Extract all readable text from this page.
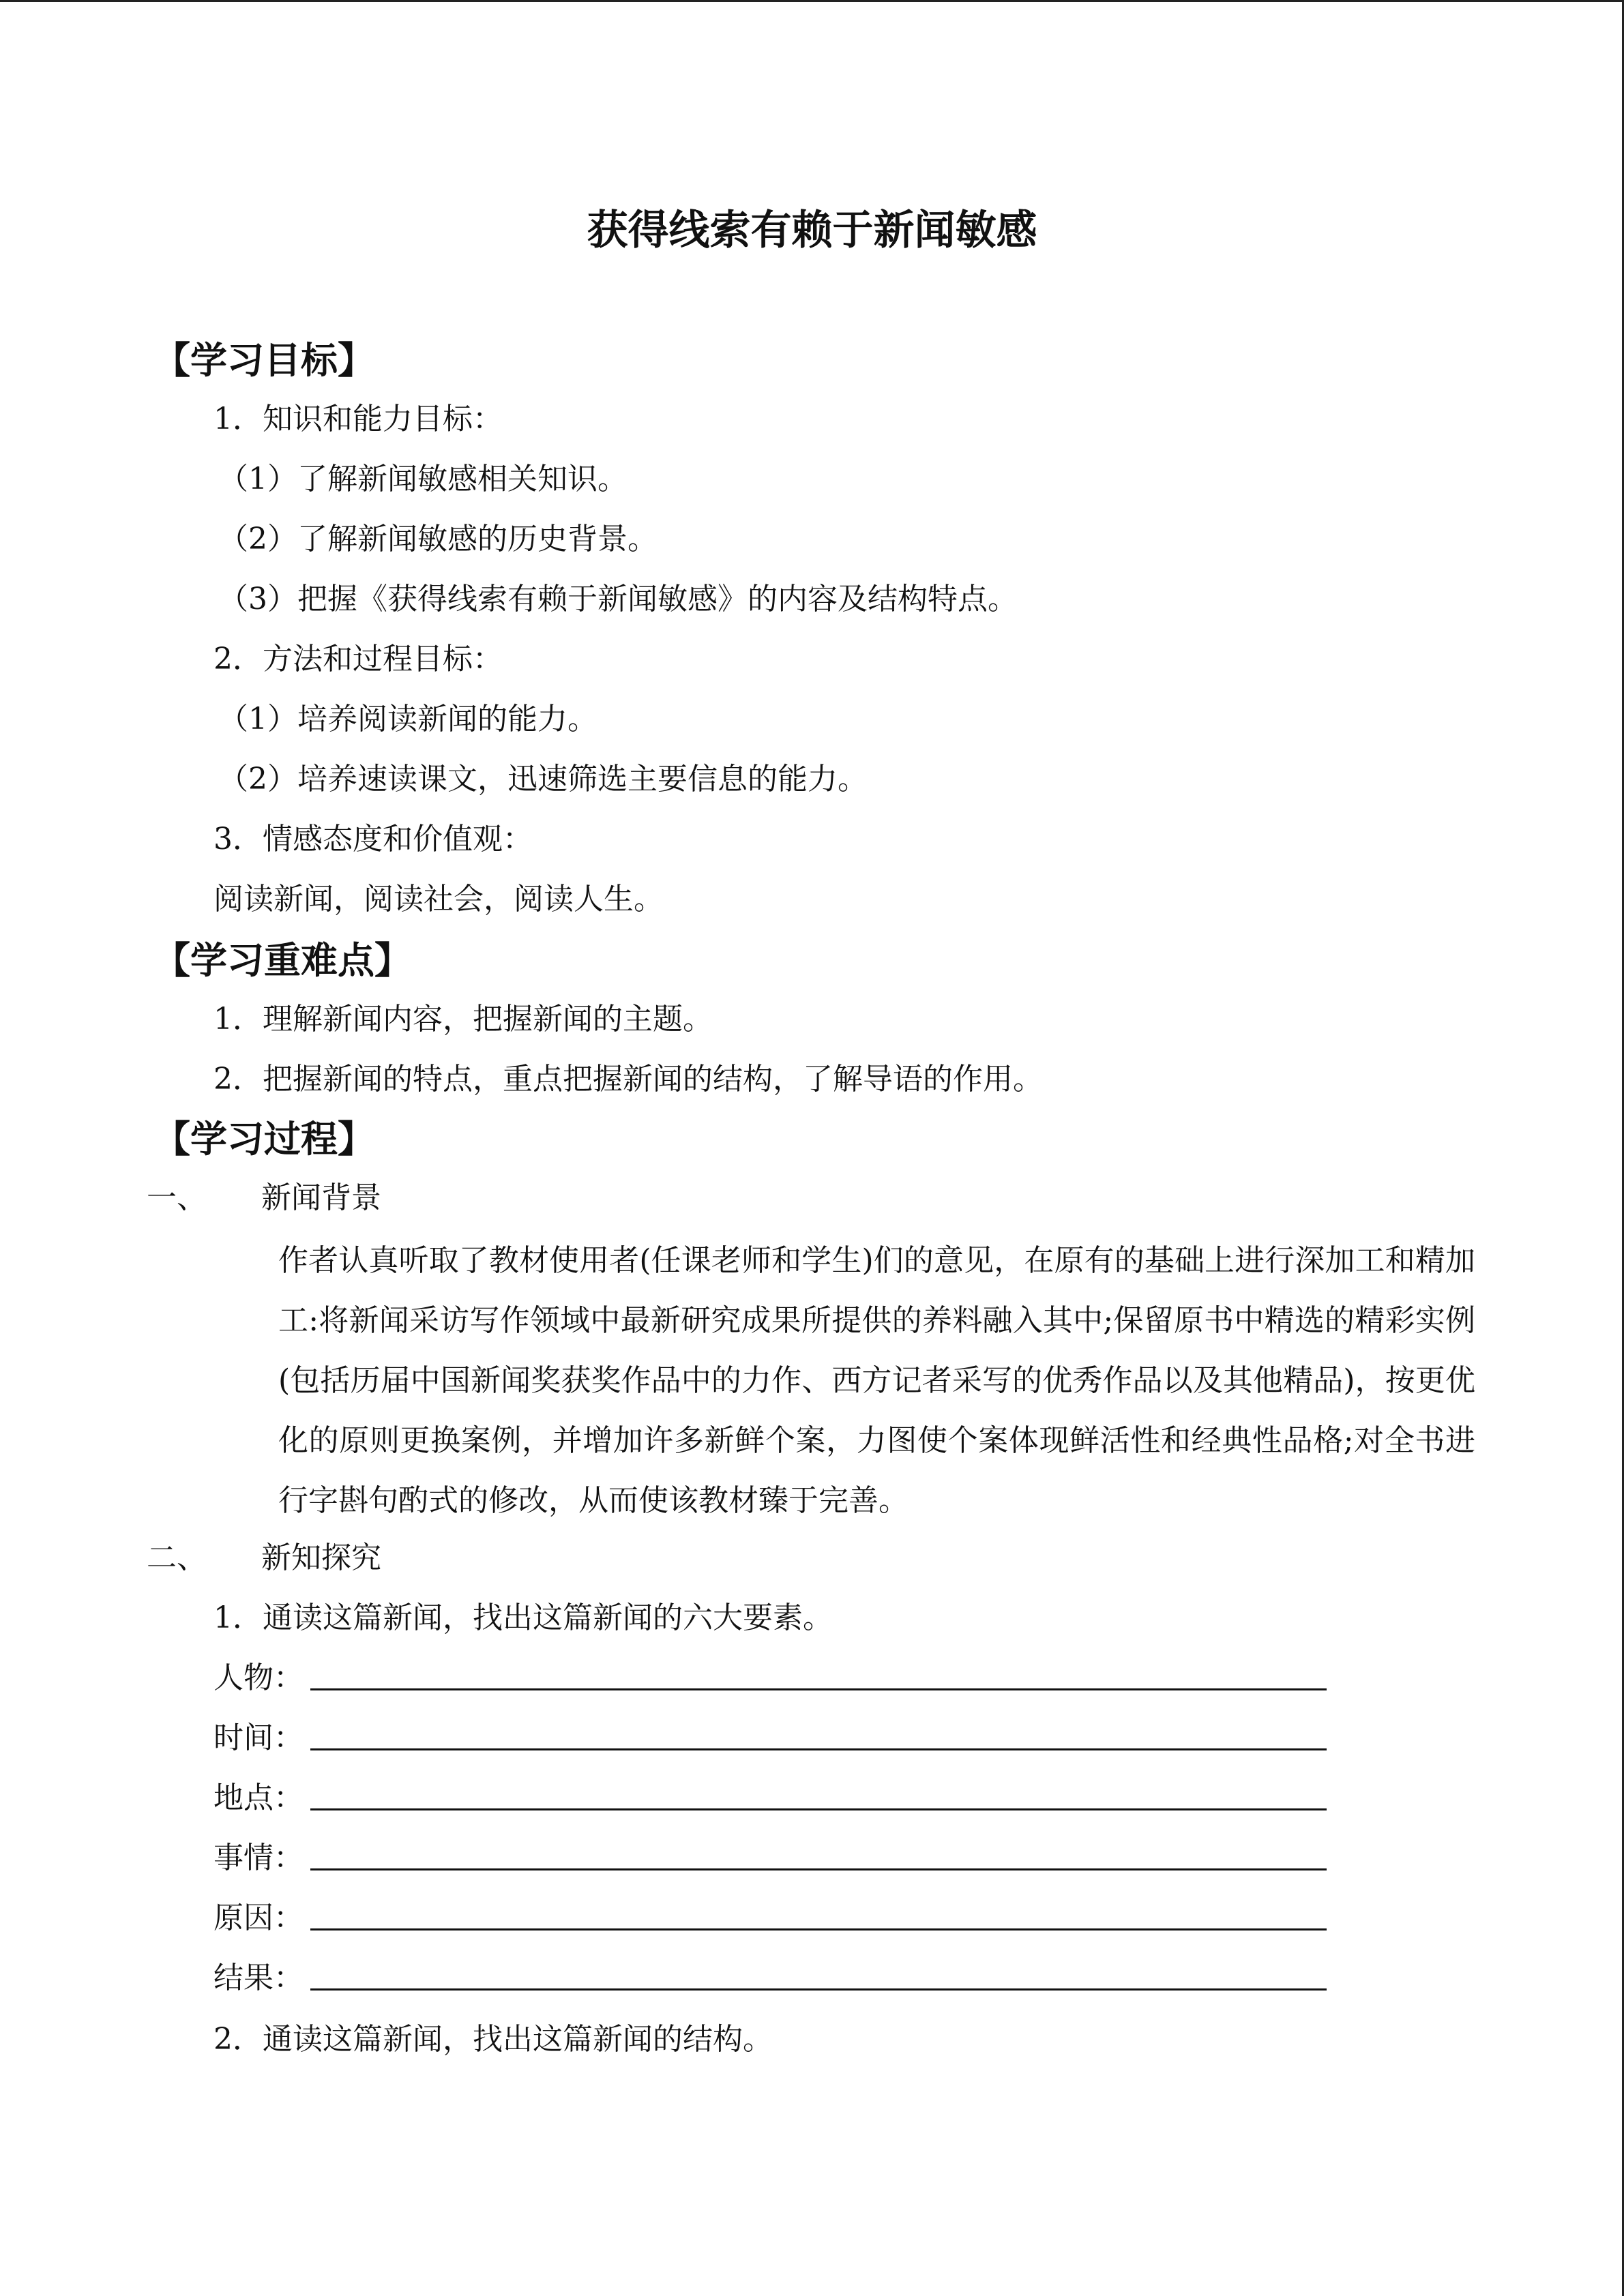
获得线索有赖于新闻敏感
【学习目标】
1．知识和能力目标：
（1）了解新闻敏感相关知识。
（2）了解新闻敏感的历史背景。
（3）把握《获得线索有赖于新闻敏感》的内容及结构特点。
2．方法和过程目标：
（1）培养阅读新闻的能力。
（2）培养速读课文，迅速筛选主要信息的能力。
3．情感态度和价值观：
阅读新闻，阅读社会，阅读人生。
【学习重难点】
1．理解新闻内容，把握新闻的主题。
2．把握新闻的特点，重点把握新闻的结构，了解导语的作用。
【学习过程】
一、 新闻背景
作者认真听取了教材使用者(任课老师和学生)们的意见，在原有的基础上进行深加工和精加工:将新闻采访写作领域中最新研究成果所提供的养料融入其中;保留原书中精选的精彩实例(包括历届中国新闻奖获奖作品中的力作、西方记者采写的优秀作品以及其他精品)，按更优化的原则更换案例，并增加许多新鲜个案，力图使个案体现鲜活性和经典性品格;对全书进行字斟句酌式的修改，从而使该教材臻于完善。
二、 新知探究
1．通读这篇新闻，找出这篇新闻的六大要素。
人物：
时间：
地点：
事情：
原因：
结果：
2．通读这篇新闻，找出这篇新闻的结构。
